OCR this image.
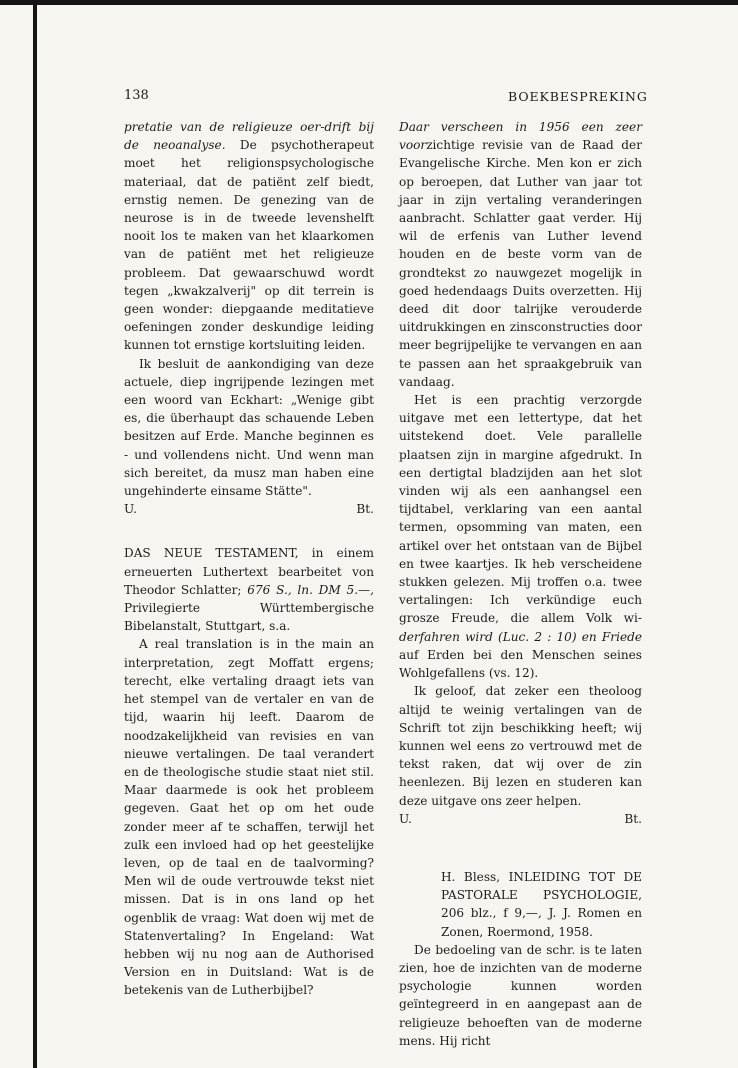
138	BOEKBESPREKING

pretatie van de religieuze oer-drift bij de neoanalyse. De psychotherapeut moet het religionspsychologische materiaal, dat de patiënt zelf biedt, ernstig nemen. De genezing van de neurose is in de tweede levenshelft nooit los te maken van het klaarkomen van de patiënt met het religieuze probleem. Dat gewaarschuwd wordt tegen „kwakzalverij" op dit terrein is geen wonder: diepgaande meditatieve oefeningen zonder deskundige leiding kunnen tot ernstige kortsluiting leiden.

Ik besluit de aankondiging van deze actuele, diep ingrijpende lezingen met een woord van Eckhart: „Wenige gibt es, die überhaupt das schauende Leben besitzen auf Erde. Manche beginnen es - und vollendens nicht. Und wenn man sich bereitet, da musz man haben eine ungehinderte einsame Stätte".

U.	Bt.

DAS NEUE TESTAMENT, in einem erneuerten Luthertext bearbeitet von Theodor Schlatter; 676 S., ln. DM 5.—, Privilegierte Württembergische Bibelanstalt, Stuttgart, s.a.

A real translation is in the main an interpretation, zegt Moffatt ergens; terecht, elke vertaling draagt iets van het stempel van de vertaler en van de tijd, waarin hij leeft. Daarom de noodzakelijkheid van revisies en van nieuwe vertalingen. De taal verandert en de theologische studie staat niet stil. Maar daarmede is ook het probleem gegeven. Gaat het op om het oude zonder meer af te schaffen, terwijl het zulk een invloed had op het geestelijke leven, op de taal en de taalvorming? Men wil de oude vertrouwde tekst niet missen. Dat is in ons land op het ogenblik de vraag: Wat doen wij met de Statenvertaling? In Engeland: Wat hebben wij nu nog aan de Authorised Version en in Duitsland: Wat is de betekenis van de Lutherbijbel?

Daar verscheen in 1956 een zeer voorzichtige revisie van de Raad der Evangelische Kirche. Men kon er zich op beroepen, dat Luther van jaar tot jaar in zijn vertaling veranderingen aanbracht. Schlatter gaat verder. Hij wil de erfenis van Luther levend houden en de beste vorm van de grondtekst zo nauwgezet mogelijk in goed hedendaags Duits overzetten. Hij deed dit door talrijke verouderde uitdrukkingen en zinsconstructies door meer begrijpelijke te vervangen en aan te passen aan het spraakgebruik van vandaag.

Het is een prachtig verzorgde uitgave met een lettertype, dat het uitstekend doet. Vele parallelle plaatsen zijn in margine afgedrukt. In een dertigtal bladzijden aan het slot vinden wij als een aanhangsel een tijdtabel, verklaring van een aantal termen, opsomming van maten, een artikel over het ontstaan van de Bijbel en twee kaartjes. Ik heb verscheidene stukken gelezen. Mij troffen o.a. twee vertalingen: Ich verkündige euch grosze Freude, die allem Volk wi-derfahren wird (Luc. 2 : 10) en Friede auf Erden bei den Menschen seines Wohlgefallens (vs. 12).

Ik geloof, dat zeker een theoloog altijd te weinig vertalingen van de Schrift tot zijn beschikking heeft; wij kunnen wel eens zo vertrouwd met de tekst raken, dat wij over de zin heenlezen. Bij lezen en studeren kan deze uitgave ons zeer helpen.

U.	Bt.

H. Bless, INLEIDING TOT DE PASTORALE PSYCHOLOGIE, 206 blz., f 9,—, J. J. Romen en Zonen, Roermond, 1958.

De bedoeling van de schr. is te laten zien, hoe de inzichten van de moderne psychologie kunnen worden geïntegreerd in en aangepast aan de religieuze behoeften van de moderne mens. Hij richt
